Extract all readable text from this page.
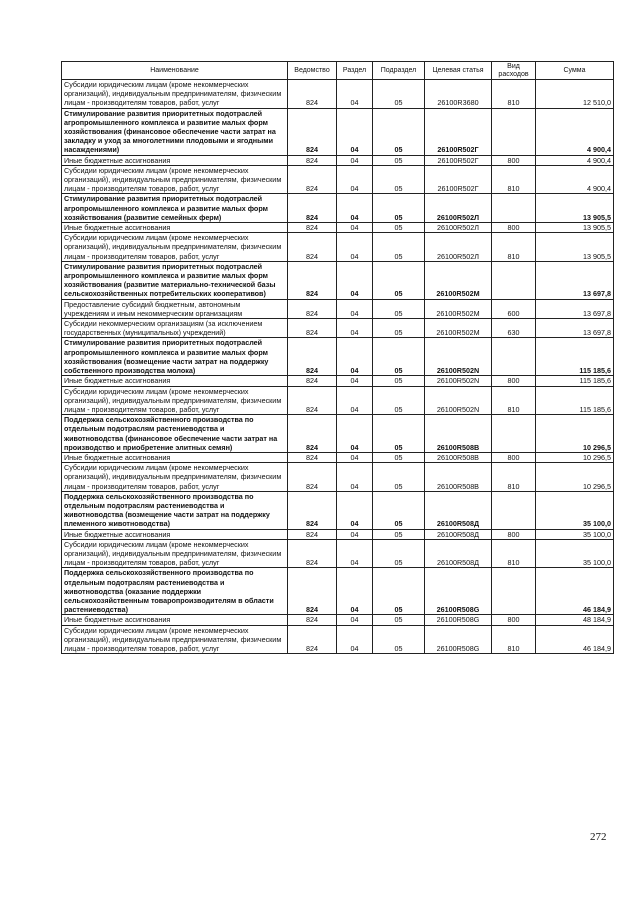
Наименование	Ведомство	Раздел	Подраздел	Целевая статья	Вид расходов	Сумма
Субсидии юридическим лицам (кроме некоммерческих организаций), индивидуальным предпринимателям, физическим лицам - производителям товаров, работ, услуг	824	04	05	26100R3680	810	12 510,0
Стимулирование развития приоритетных подотраслей агропромышленного комплекса и развитие малых форм хозяйствования (финансовое обеспечение части затрат на закладку и уход за многолетними плодовыми и ягодными насаждениями)	824	04	05	26100R502Г		4 900,4
Иные бюджетные ассигнования	824	04	05	26100R502Г	800	4 900,4
Субсидии юридическим лицам (кроме некоммерческих организаций), индивидуальным предпринимателям, физическим лицам - производителям товаров, работ, услуг	824	04	05	26100R502Г	810	4 900,4
Стимулирование развития приоритетных подотраслей агропромышленного комплекса и развитие малых форм хозяйствования (развитие семейных ферм)	824	04	05	26100R502Л		13 905,5
Иные бюджетные ассигнования	824	04	05	26100R502Л	800	13 905,5
Субсидии юридическим лицам (кроме некоммерческих организаций), индивидуальным предпринимателям, физическим лицам - производителям товаров, работ, услуг	824	04	05	26100R502Л	810	13 905,5
Стимулирование развития приоритетных подотраслей агропромышленного комплекса и развитие малых форм хозяйствования (развитие материально-технической базы сельскохозяйственных потребительских кооперативов)	824	04	05	26100R502M		13 697,8
Предоставление субсидий бюджетным, автономным учреждениям и иным некоммерческим организациям	824	04	05	26100R502M	600	13 697,8
Субсидии некоммерческим организациям (за исключением государственных (муниципальных) учреждений)	824	04	05	26100R502M	630	13 697,8
Стимулирование развития приоритетных подотраслей агропромышленного комплекса и развитие малых форм хозяйствования (возмещение части затрат на поддержку собственного производства молока)	824	04	05	26100R502N		115 185,6
Иные бюджетные ассигнования	824	04	05	26100R502N	800	115 185,6
Субсидии юридическим лицам (кроме некоммерческих организаций), индивидуальным предпринимателям, физическим лицам - производителям товаров, работ, услуг	824	04	05	26100R502N	810	115 185,6
Поддержка сельскохозяйственного производства по отдельным подотраслям растениеводства и животноводства (финансовое обеспечение части затрат на производство и приобретение элитных семян)	824	04	05	26100R508B		10 296,5
Иные бюджетные ассигнования	824	04	05	26100R508B	800	10 296,5
Субсидии юридическим лицам (кроме некоммерческих организаций), индивидуальным предпринимателям, физическим лицам - производителям товаров, работ, услуг	824	04	05	26100R508B	810	10 296,5
Поддержка сельскохозяйственного производства по отдельным подотраслям растениеводства и животноводства (возмещение части затрат на поддержку племенного животноводства)	824	04	05	26100R508Д		35 100,0
Иные бюджетные ассигнования	824	04	05	26100R508Д	800	35 100,0
Субсидии юридическим лицам (кроме некоммерческих организаций), индивидуальным предпринимателям, физическим лицам - производителям товаров, работ, услуг	824	04	05	26100R508Д	810	35 100,0
Поддержка сельскохозяйственного производства по отдельным подотраслям растениеводства и животноводства (оказание поддержки сельскохозяйственным товаропроизводителям в области растениеводства)	824	04	05	26100R508G		46 184,9
Иные бюджетные ассигнования	824	04	05	26100R508G	800	48 184,9
Субсидии юридическим лицам (кроме некоммерческих организаций), индивидуальным предпринимателям, физическим лицам - производителям товаров, работ, услуг	824	04	05	26100R508G	810	46 184,9
272
